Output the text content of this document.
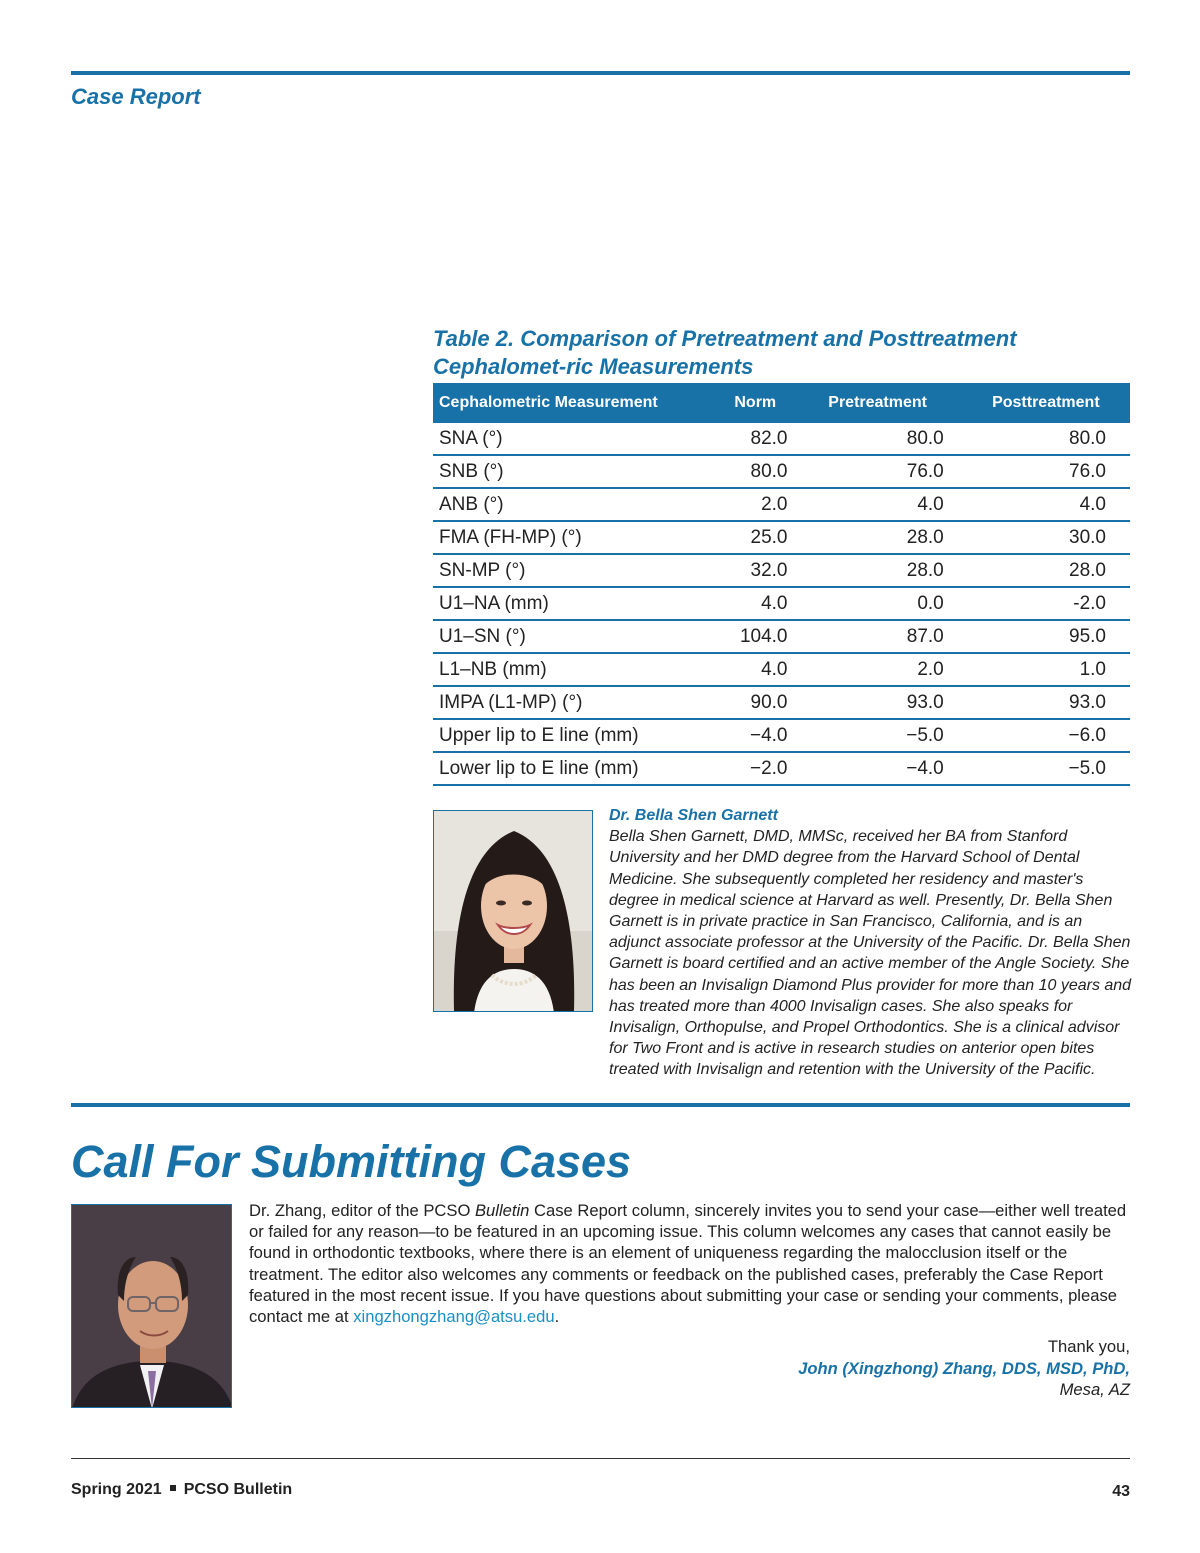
Case Report
Table 2. Comparison of Pretreatment and Posttreatment Cephalomet-ric Measurements
Cephalometric Measurement	Norm	Pretreatment	Posttreatment
SNA (°)	82.0	80.0	80.0
SNB (°)	80.0	76.0	76.0
ANB (°)	2.0	4.0	4.0
FMA (FH-MP) (°)	25.0	28.0	30.0
SN-MP (°)	32.0	28.0	28.0
U1–NA (mm)	4.0	0.0	-2.0
U1–SN (°)	104.0	87.0	95.0
L1–NB (mm)	4.0	2.0	1.0
IMPA (L1-MP) (°)	90.0	93.0	93.0
Upper lip to E line (mm)	−4.0	−5.0	−6.0
Lower lip to E line (mm)	−2.0	−4.0	−5.0
Dr. Bella Shen Garnett
Bella Shen Garnett, DMD, MMSc, received her BA from Stanford University and her DMD degree from the Harvard School of Dental Medicine. She subsequently completed her residency and master's degree in medical science at Harvard as well. Presently, Dr. Bella Shen Garnett is in private practice in San Francisco, California, and is an adjunct associate professor at the University of the Pacific. Dr. Bella Shen Garnett is board certified and an active member of the Angle Society. She has been an Invisalign Diamond Plus provider for more than 10 years and has treated more than 4000 Invisalign cases. She also speaks for Invisalign, Orthopulse, and Propel Orthodontics. She is a clinical advisor for Two Front and is active in research studies on anterior open bites treated with Invisalign and retention with the University of the Pacific.
Call For Submitting Cases
Dr. Zhang, editor of the PCSO Bulletin Case Report column, sincerely invites you to send your case—either well treated or failed for any reason—to be featured in an upcoming issue. This column welcomes any cases that cannot easily be found in orthodontic textbooks, where there is an element of uniqueness regarding the malocclusion itself or the treatment. The editor also welcomes any comments or feedback on the published cases, preferably the Case Report featured in the most recent issue. If you have questions about submitting your case or sending your comments, please contact me at xingzhongzhang@atsu.edu.
Thank you,
John (Xingzhong) Zhang, DDS, MSD, PhD,
Mesa, AZ
Spring 2021 PCSO Bulletin	43
